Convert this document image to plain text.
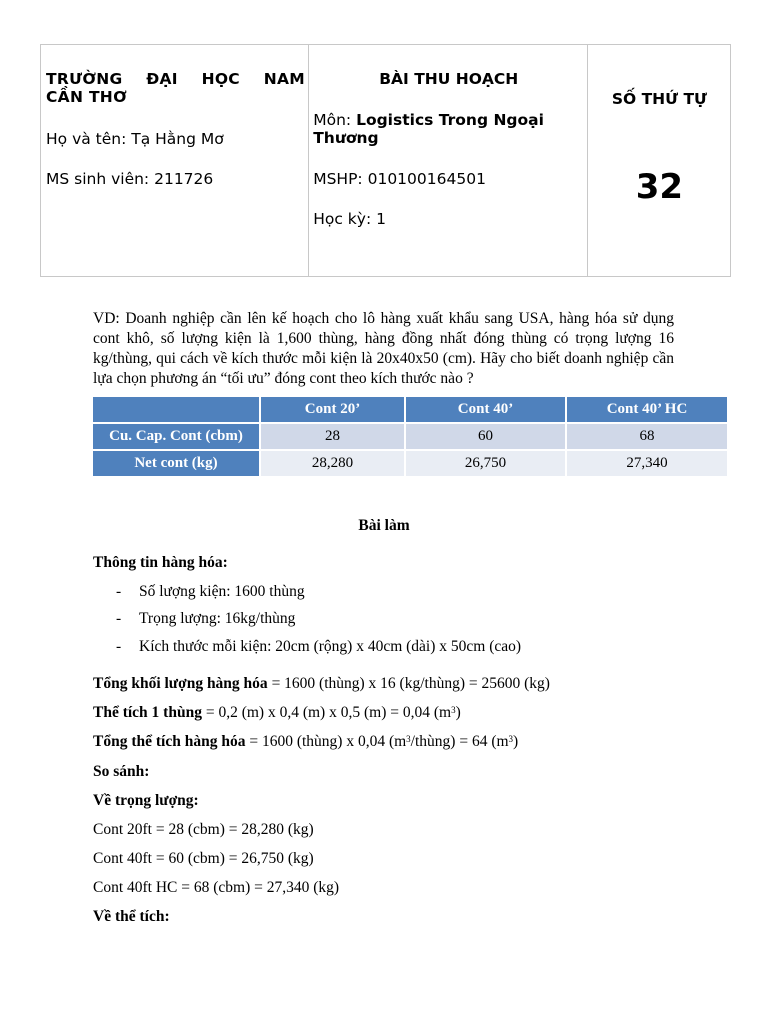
TRƯỜNG ĐẠI HỌC NAM
CẦN THƠ
Họ và tên: Tạ Hằng Mơ
MS sinh viên: 211726

BÀI THU HOẠCH
Môn: Logistics Trong Ngoại
Thương
MSHP: 010100164501
Học kỳ: 1

SỐ THỨ TỰ
32
VD: Doanh nghiệp cần lên kế hoạch cho lô hàng xuất khẩu sang USA, hàng hóa sử dụng cont khô, số lượng kiện là 1,600 thùng, hàng đồng nhất đóng thùng có trọng lượng 16 kg/thùng, qui cách về kích thước mỗi kiện là 20x40x50 (cm). Hãy cho biết doanh nghiệp cần lựa chọn phương án “tối ưu” đóng cont theo kích thước nào ?
	Cont 20’	Cont 40’	Cont 40’ HC
Cu. Cap. Cont (cbm)	28	60	68
Net cont (kg)	28,280	26,750	27,340
Bài làm
Thông tin hàng hóa:
- Số lượng kiện: 1600 thùng
- Trọng lượng: 16kg/thùng
- Kích thước mỗi kiện: 20cm (rộng) x 40cm (dài) x 50cm (cao)
Tổng khối lượng hàng hóa = 1600 (thùng) x 16 (kg/thùng) = 25600 (kg)
Thể tích 1 thùng = 0,2 (m) x 0,4 (m) x 0,5 (m) = 0,04 $(m^3)$
Tổng thể tích hàng hóa = 1600 (thùng) x 0,04 $(m^3/thùng) = 64$ $(m^3)$
So sánh:
Về trọng lượng:
Cont 20ft = 28 (cbm) = 28,280 (kg)
Cont 40ft = 60 (cbm) = 26,750 (kg)
Cont 40ft HC = 68 (cbm) = 27,340 (kg)
Về thể tích:
